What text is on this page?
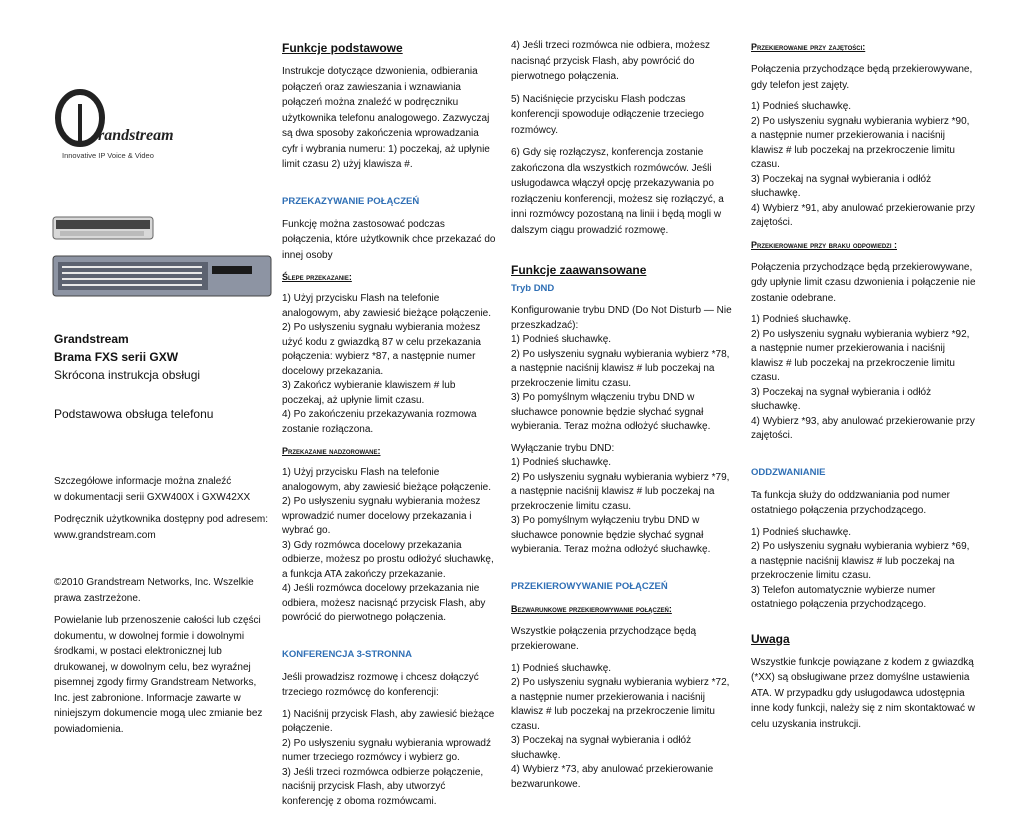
randstream
Innovative IP Voice & Video

Grandstream

Brama FXS serii GXW

Skrócona instrukcja obsługi

Podstawowa obsługa telefonu

Szczegółowe informacje można znaleźć
w dokumentacji serii GXW400X i GXW42XX

Podręcznik użytkownika dostępny pod adresem:
www.grandstream.com

©2010 Grandstream Networks, Inc. Wszelkie prawa zastrzeżone.

Powielanie lub przenoszenie całości lub części dokumentu, w dowolnej formie i dowolnymi środkami, w postaci elektronicznej lub drukowanej, w dowolnym celu, bez wyraźnej pisemnej zgody firmy Grandstream Networks, Inc. jest zabronione. Informacje zawarte w niniejszym dokumencie mogą ulec zmianie bez powiadomienia.

Funkcje podstawowe

Instrukcje dotyczące dzwonienia, odbierania połączeń oraz zawieszania i wznawiania połączeń można znaleźć w podręczniku użytkownika telefonu analogowego. Zazwyczaj są dwa sposoby zakończenia wprowadzania cyfr i wybrania numeru: 1) poczekaj, aż upłynie limit czasu 2) użyj klawisza #.

PRZEKAZYWANIE POŁĄCZEŃ

Funkcję można zastosować podczas połączenia, które użytkownik chce przekazać do innej osoby

Ślepe przekazanie:

1) Użyj przycisku Flash na telefonie analogowym, aby zawiesić bieżące połączenie.
2) Po usłyszeniu sygnału wybierania możesz użyć kodu z gwiazdką 87 w celu przekazania połączenia: wybierz *87, a następnie numer docelowy przekazania.
3) Zakończ wybieranie klawiszem # lub poczekaj, aż upłynie limit czasu.
4) Po zakończeniu przekazywania rozmowa zostanie rozłączona.

Przekazanie nadzorowane:

1) Użyj przycisku Flash na telefonie analogowym, aby zawiesić bieżące połączenie.
2) Po usłyszeniu sygnału wybierania możesz wprowadzić numer docelowy przekazania i wybrać go.
3) Gdy rozmówca docelowy przekazania odbierze, możesz po prostu odłożyć słuchawkę, a funkcja ATA zakończy przekazanie.
4) Jeśli rozmówca docelowy przekazania nie odbiera, możesz nacisnąć przycisk Flash, aby powrócić do pierwotnego połączenia.

KONFERENCJA 3-STRONNA

Jeśli prowadzisz rozmowę i chcesz dołączyć trzeciego rozmówcę do konferencji:

1) Naciśnij przycisk Flash, aby zawiesić bieżące połączenie.
2) Po usłyszeniu sygnału wybierania wprowadź numer trzeciego rozmówcy i wybierz go.
3) Jeśli trzeci rozmówca odbierze połączenie, naciśnij przycisk Flash, aby utworzyć konferencję z oboma rozmówcami.

4) Jeśli trzeci rozmówca nie odbiera, możesz nacisnąć przycisk Flash, aby powrócić do pierwotnego połączenia.

5) Naciśnięcie przycisku Flash podczas konferencji spowoduje odłączenie trzeciego rozmówcy.

6) Gdy się rozłączysz, konferencja zostanie zakończona dla wszystkich rozmówców. Jeśli usługodawca włączył opcję przekazywania po rozłączeniu konferencji, możesz się rozłączyć, a inni rozmówcy pozostaną na linii i będą mogli w dalszym ciągu prowadzić rozmowę.

Funkcje zaawansowane
Tryb DND

Konfigurowanie trybu DND (Do Not Disturb — Nie przeszkadzać):
1) Podnieś słuchawkę.
2) Po usłyszeniu sygnału wybierania wybierz *78, a następnie naciśnij klawisz # lub poczekaj na przekroczenie limitu czasu.
3) Po pomyślnym włączeniu trybu DND w słuchawce ponownie będzie słychać sygnał wybierania. Teraz można odłożyć słuchawkę.

Wyłączanie trybu DND:
1) Podnieś słuchawkę.
2) Po usłyszeniu sygnału wybierania wybierz *79, a następnie naciśnij klawisz # lub poczekaj na przekroczenie limitu czasu.
3) Po pomyślnym wyłączeniu trybu DND w słuchawce ponownie będzie słychać sygnał wybierania. Teraz można odłożyć słuchawkę.

PRZEKIEROWYWANIE POŁĄCZEŃ
Bezwarunkowe przekierowywanie połączeń:

Wszystkie połączenia przychodzące będą przekierowane.

1) Podnieś słuchawkę.
2) Po usłyszeniu sygnału wybierania wybierz *72, a następnie numer przekierowania i naciśnij klawisz # lub poczekaj na przekroczenie limitu czasu.
3) Poczekaj na sygnał wybierania i odłóż słuchawkę.
4) Wybierz *73, aby anulować przekierowanie bezwarunkowe.

Przekierowanie przy zajętości:

Połączenia przychodzące będą przekierowywane, gdy telefon jest zajęty.

1) Podnieś słuchawkę.
2) Po usłyszeniu sygnału wybierania wybierz *90, a następnie numer przekierowania i naciśnij klawisz # lub poczekaj na przekroczenie limitu czasu.
3) Poczekaj na sygnał wybierania i odłóż słuchawkę.
4) Wybierz *91, aby anulować przekierowanie przy zajętości.

Przekierowanie przy braku odpowiedzi :

Połączenia przychodzące będą przekierowywane, gdy upłynie limit czasu dzwonienia i połączenie nie zostanie odebrane.

1) Podnieś słuchawkę.
2) Po usłyszeniu sygnału wybierania wybierz *92, a następnie numer przekierowania i naciśnij klawisz # lub poczekaj na przekroczenie limitu czasu.
3) Poczekaj na sygnał wybierania i odłóż słuchawkę.
4) Wybierz *93, aby anulować przekierowanie przy zajętości.

ODDZWANIANIE

Ta funkcja służy do oddzwaniania pod numer ostatniego połączenia przychodzącego.

1) Podnieś słuchawkę.
2) Po usłyszeniu sygnału wybierania wybierz *69, a następnie naciśnij klawisz # lub poczekaj na przekroczenie limitu czasu.
3) Telefon automatycznie wybierze numer ostatniego połączenia przychodzącego.

Uwaga

Wszystkie funkcje powiązane z kodem z gwiazdką (*XX) są obsługiwane przez domyślne ustawienia ATA. W przypadku gdy usługodawca udostępnia inne kody funkcji, należy się z nim skontaktować w celu uzyskania instrukcji.
